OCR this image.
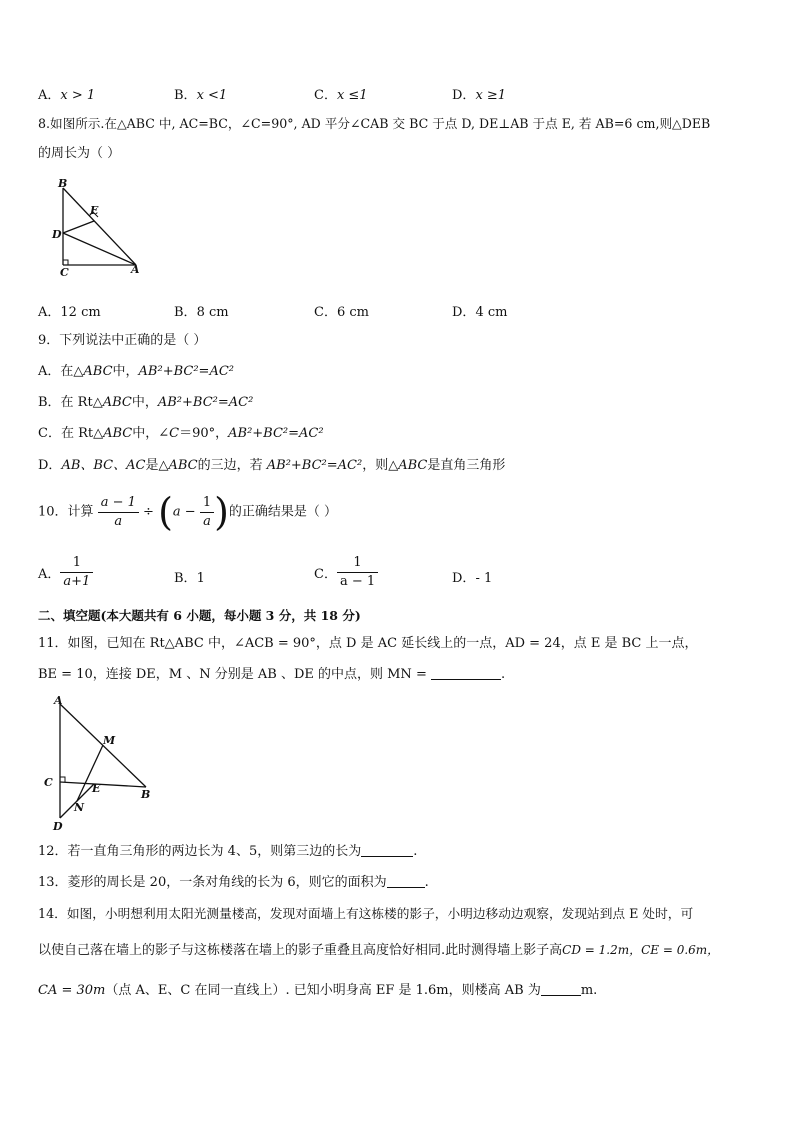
A．x > 1	B．x <1	C．x ≤1	D．x ≥1
8.如图所示.在△ABC 中, AC=BC，∠C=90°, AD 平分∠CAB 交 BC 于点 D, DE⊥AB 于点 E, 若 AB=6 cm,则△DEB
的周长为（ ）
B
E
D
C	A
A．12 cm	B．8 cm	C．6 cm	D．4 cm
9．下列说法中正确的是（ ）
A．在△ABC中，AB²+BC²=AC²
B．在 Rt△ABC中，AB²+BC²=AC²
C．在 Rt△ABC中，∠C＝90°，AB²+BC²=AC²
D．AB、BC、AC是△ABC的三边，若 AB²+BC²=AC²，则△ABC是直角三角形
10．计算 $\frac{a - 1}{a} \div (a - \frac{1}{a}$ )的正确结果是（ ）
A． $\frac{1}{a+1}$	B．1	C． $\frac{1}{a - 1}$	D．- 1
二、填空题(本大题共有 6 小题，每小题 3 分，共 18 分)
11．如图，已知在 Rt△ABC 中，∠ACB = 90°，点 D 是 AC 延长线上的一点，AD = 24，点 E 是 BC 上一点，
BE = 10，连接 DE，M 、N 分别是 AB 、DE 的中点，则 MN =	.
A
M
C	E	B
N
D
12．若一直角三角形的两边长为 4、5，则第三边的长为	.
13．菱形的周长是 20，一条对角线的长为 6，则它的面积为	.
14．如图，小明想利用太阳光测量楼高，发现对面墙上有这栋楼的影子，小明边移动边观察，发现站到点 E 处时，可
以使自己落在墙上的影子与这栋楼落在墙上的影子重叠且高度恰好相同.此时测得墙上影子高CD = 1.2m，CE = 0.6m，
CA = 30m（点 A、E、C 在同一直线上）. 已知小明身高 EF 是 1.6m，则楼高 AB 为	m.
